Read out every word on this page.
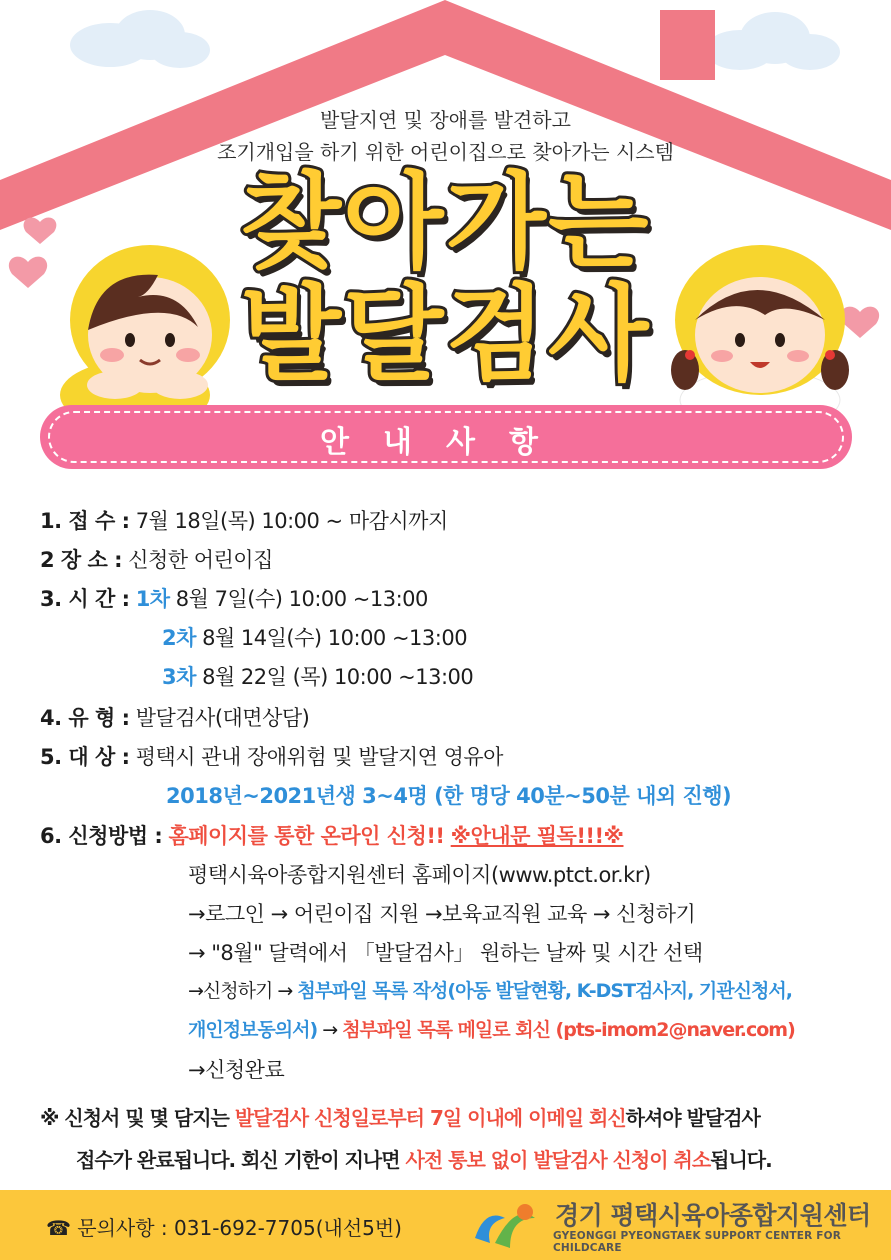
발달지연 및 장애를 발견하고
조기개입을 하기 위한 어린이집으로 찾아가는 시스템
찾아가는
발달검사
안내사항
1. 접 수 : 7월 18일(목) 10:00 ~ 마감시까지
2 장 소 : 신청한 어린이집
3. 시 간 : 1차 8월 7일(수) 10:00 ~13:00
2차 8월 14일(수) 10:00 ~13:00
3차 8월 22일 (목) 10:00 ~13:00
4. 유 형 : 발달검사(대면상담)
5. 대 상 : 평택시 관내 장애위험 및 발달지연 영유아
2018년~2021년생 3~4명 (한 명당 40분~50분 내외 진행)
6. 신청방법 : 홈페이지를 통한 온라인 신청!! ※안내문 필독!!!※
평택시육아종합지원센터 홈페이지(www.ptct.or.kr)
→로그인 → 어린이집 지원 →보육교직원 교육 → 신청하기
→ "8월" 달력에서 「발달검사」 원하는 날짜 및 시간 선택
→신청하기 → 첨부파일 목록 작성(아동 발달현황, K-DST검사지, 기관신청서,
개인정보동의서) → 첨부파일 목록 메일로 회신 (pts-imom2@naver.com)
→신청완료
※ 신청서 및 몇 담지는 발달검사 신청일로부터 7일 이내에 이메일 회신하셔야 발달검사
접수가 완료됩니다. 회신 기한이 지나면 사전 통보 없이 발달검사 신청이 취소됩니다.
☎ 문의사항 : 031-692-7705(내선5번)	경기 평택시육아종합지원센터
GYEONGGI PYEONGTAEK SUPPORT CENTER FOR CHILDCARE
